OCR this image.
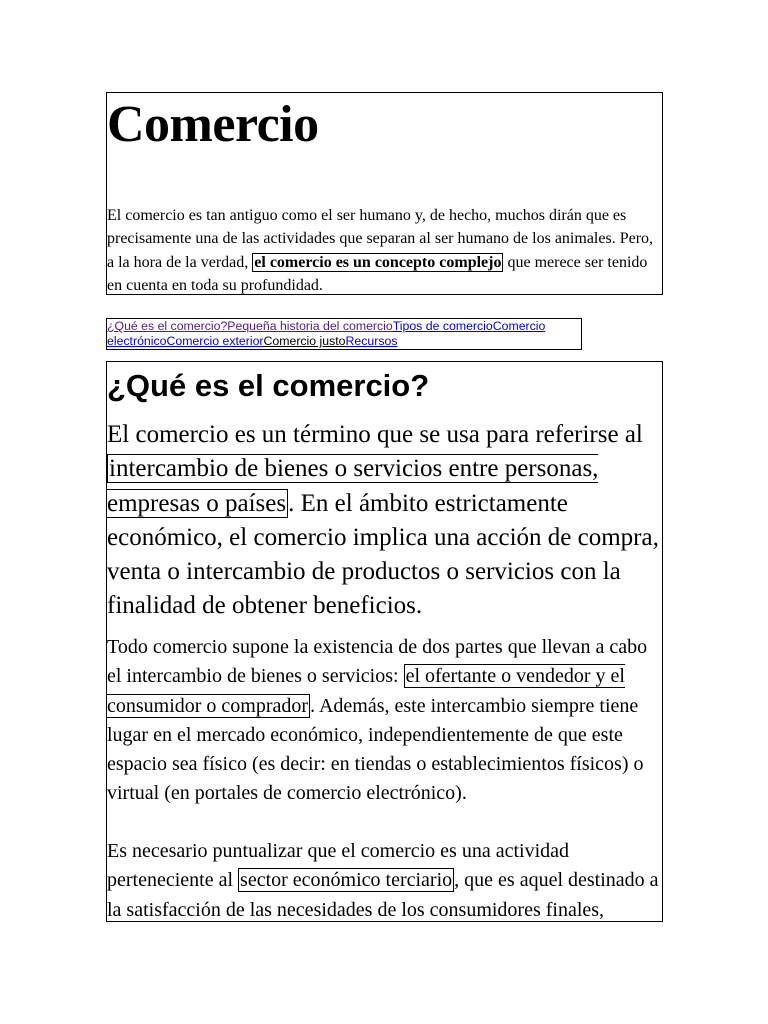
Comercio

El comercio es tan antiguo como el ser humano y, de hecho, muchos dirán que es precisamente una de las actividades que separan al ser humano de los animales. Pero, a la hora de la verdad, el comercio es un concepto complejo que merece ser tenido en cuenta en toda su profundidad.

¿Qué es el comercio?Pequeña historia del comercioTipos de comercioComercio electrónicoComercio exteriorComercio justoRecursos
¿Qué es el comercio?

El comercio es un término que se usa para referirse al intercambio de bienes o servicios entre personas, empresas o países. En el ámbito estrictamente económico, el comercio implica una acción de compra, venta o intercambio de productos o servicios con la finalidad de obtener beneficios.

Todo comercio supone la existencia de dos partes que llevan a cabo el intercambio de bienes o servicios: el ofertante o vendedor y el consumidor o comprador . Además, este intercambio siempre tiene lugar en el mercado económico, independientemente de que este espacio sea físico (es decir: en tiendas o establecimientos físicos) o virtual (en portales de comercio electrónico).

Es necesario puntualizar que el comercio es una actividad perteneciente al sector económico terciario , que es aquel destinado a la satisfacción de las necesidades de los consumidores finales,
